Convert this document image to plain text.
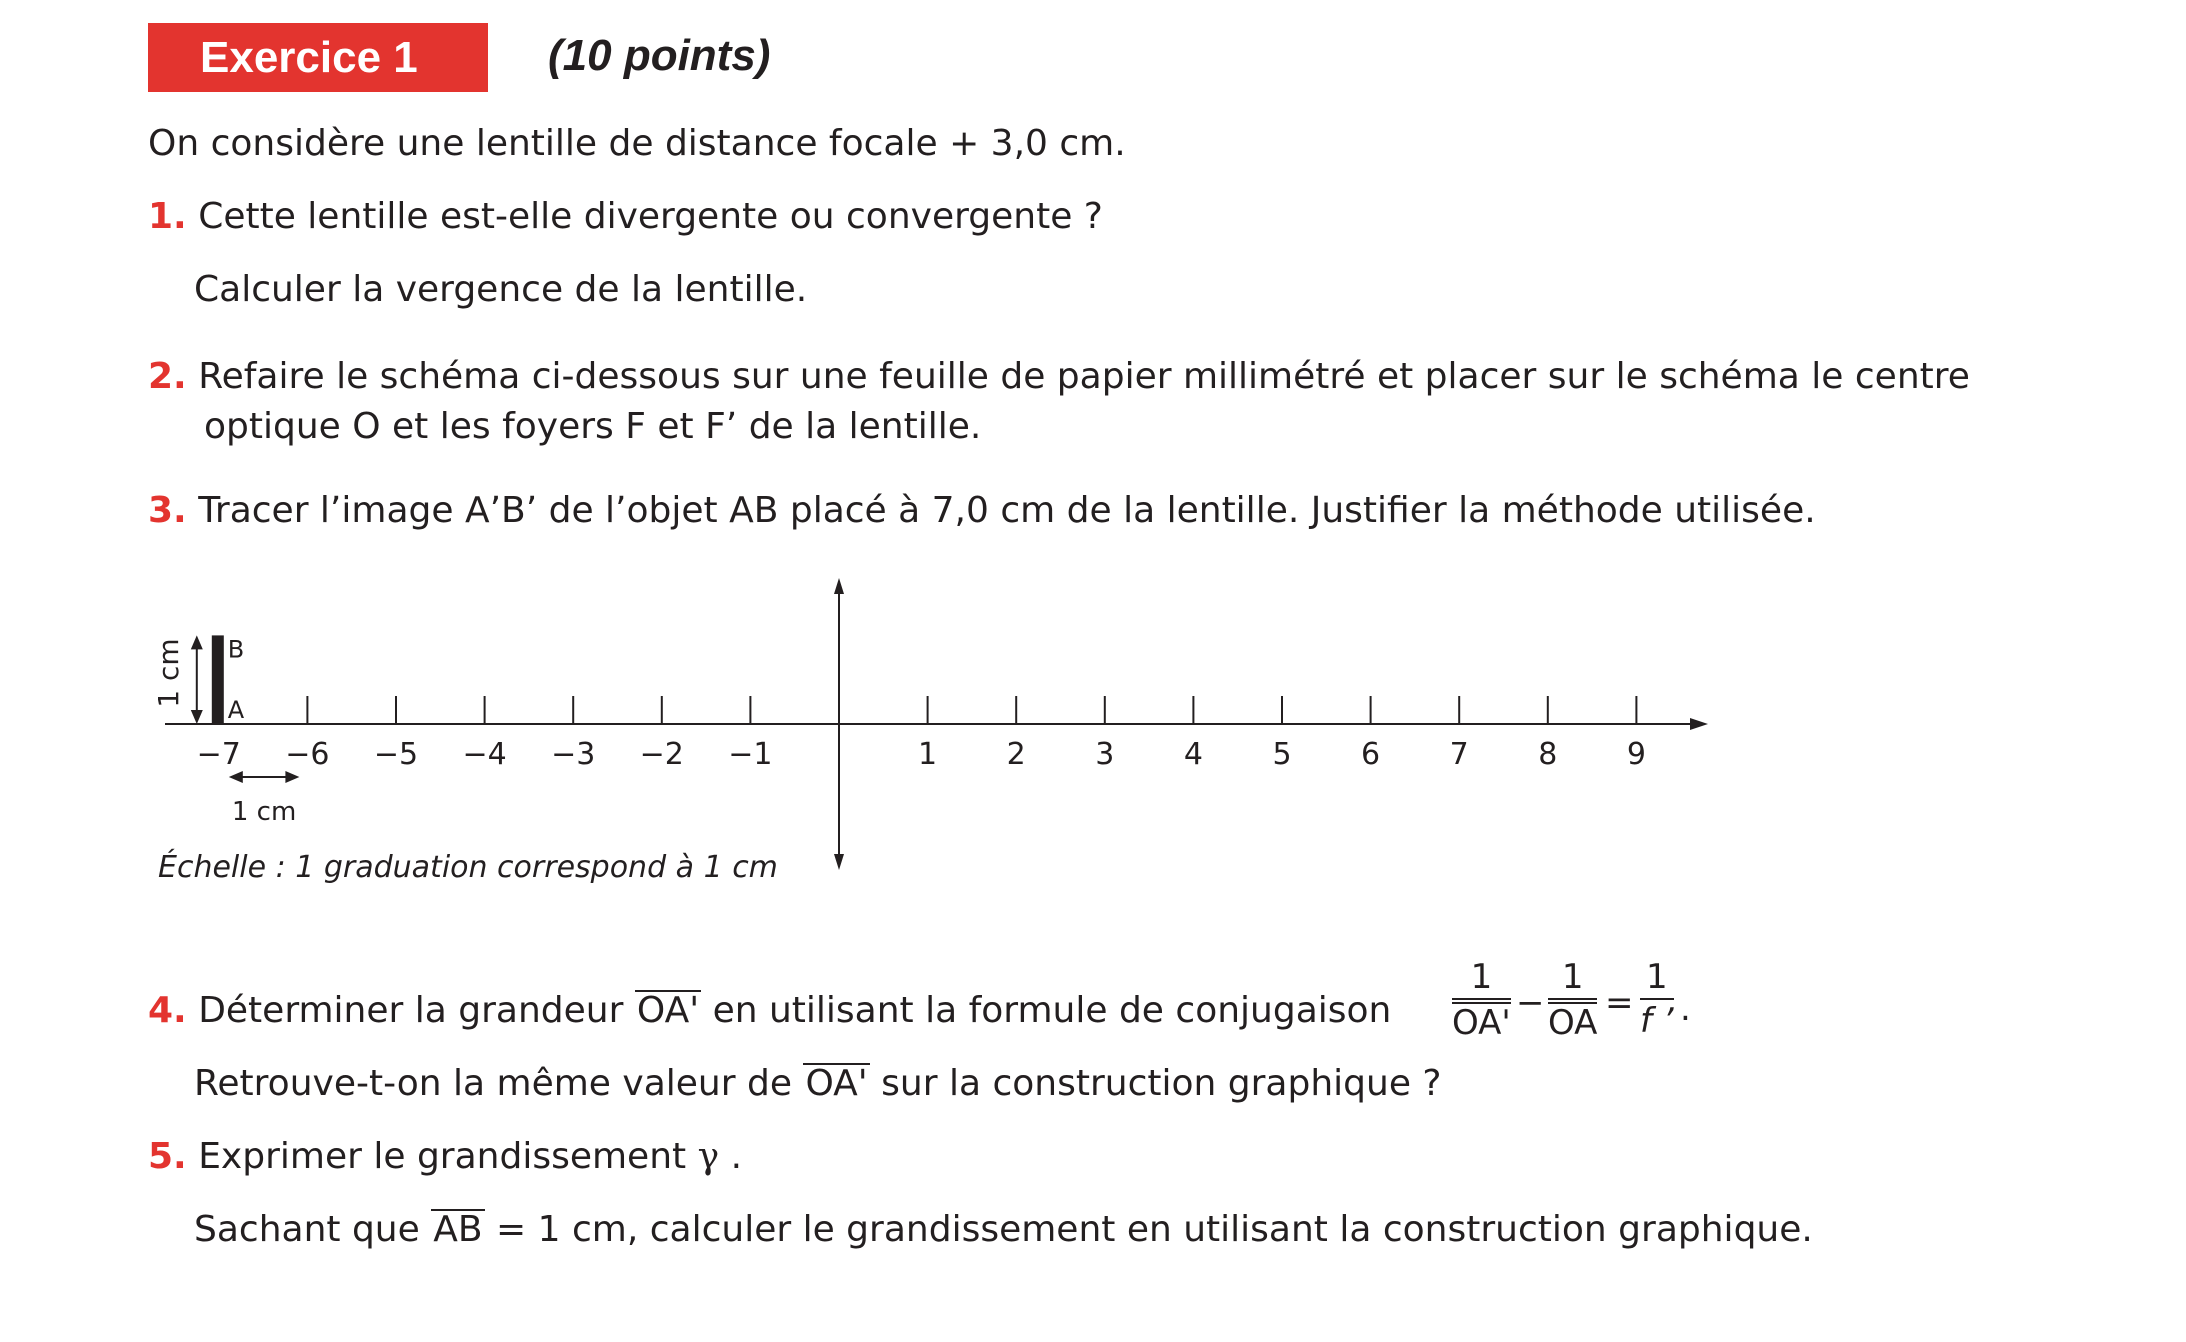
Exercice 1	(10 points)
On considère une lentille de distance focale + 3,0 cm.
1. Cette lentille est-elle divergente ou convergente ?
Calculer la vergence de la lentille.
2. Refaire le schéma ci-dessous sur une feuille de papier millimétré et placer sur le schéma le centre
optique O et les foyers F et F’ de la lentille.
3. Tracer l’image A’B’ de l’objet AB placé à 7,0 cm de la lentille. Justifier la méthode utilisée.
−7 −6 −5 −4 −3 −2 −1	1 2 3 4 5 6 7 8 9
B
A
1 cm
1 cm
Échelle : 1 graduation correspond à 1 cm
4. Déterminer la grandeur OA' en utilisant la formule de conjugaison $\frac{1}{OA'} - \frac{1}{OA}$ =
1
f ’ .
Retrouve-t-on la même valeur de OA' sur la construction graphique ?
5. Exprimer le grandissement γ .
Sachant que AB = 1 cm, calculer le grandissement en utilisant la construction graphique.
